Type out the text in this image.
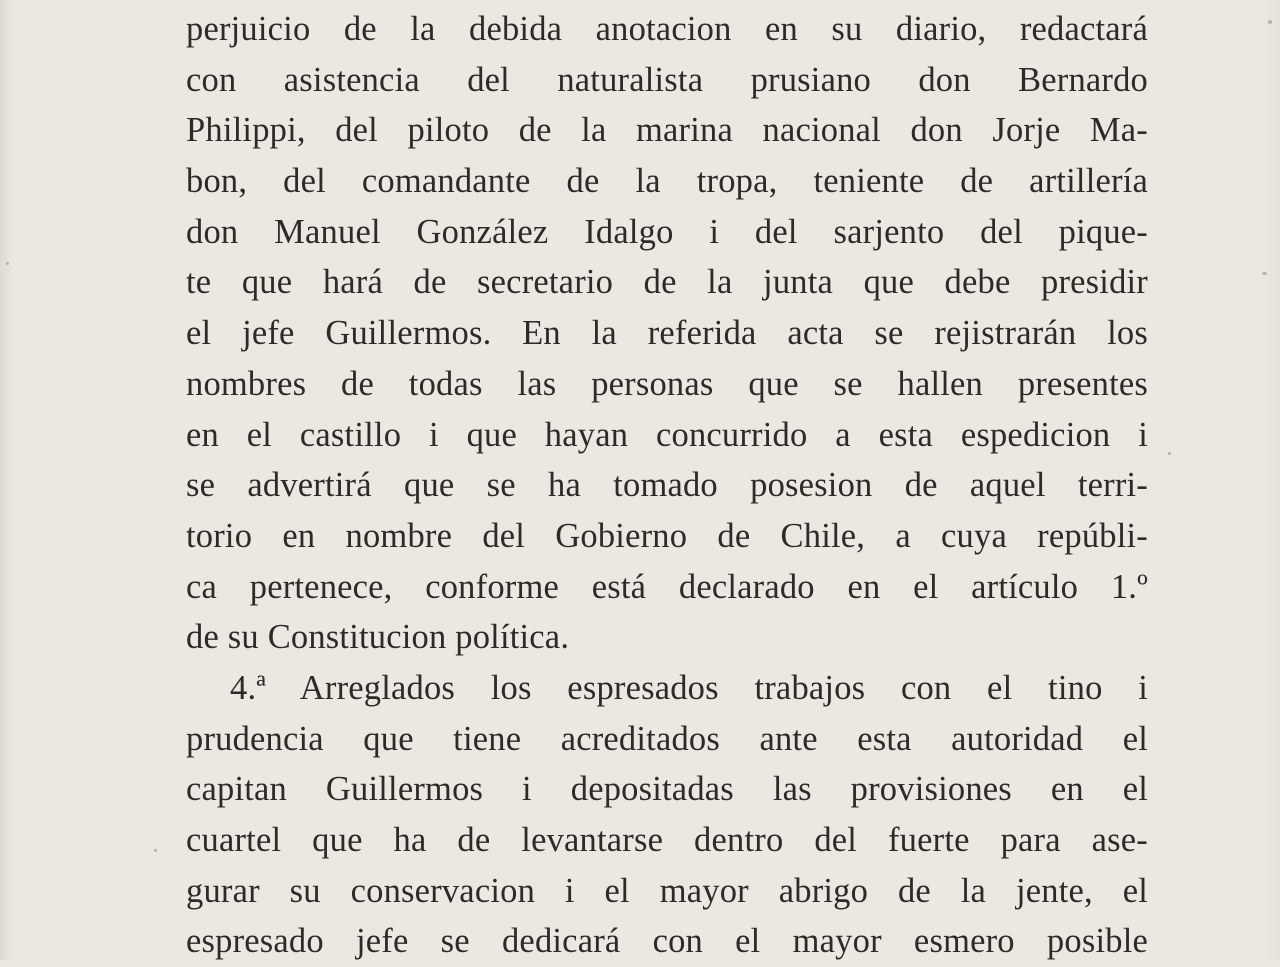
perjuicio de la debida anotacion en su diario, redactará
con asistencia del naturalista prusiano don Bernardo
Philippi, del piloto de la marina nacional don Jorje Ma-
bon, del comandante de la tropa, teniente de artillería
don Manuel González Idalgo i del sarjento del pique-
te que hará de secretario de la junta que debe presidir
el jefe Guillermos. En la referida acta se rejistrarán los
nombres de todas las personas que se hallen presentes
en el castillo i que hayan concurrido a esta espedicion i
se advertirá que se ha tomado posesion de aquel terri-
torio en nombre del Gobierno de Chile, a cuya repúbli-
ca pertenece, conforme está declarado en el artículo 1.º
de su Constitucion política.
4.ª Arreglados los espresados trabajos con el tino i
prudencia que tiene acreditados ante esta autoridad el
capitan Guillermos i depositadas las provisiones en el
cuartel que ha de levantarse dentro del fuerte para ase-
gurar su conservacion i el mayor abrigo de la jente, el
espresado jefe se dedicará con el mayor esmero posible
